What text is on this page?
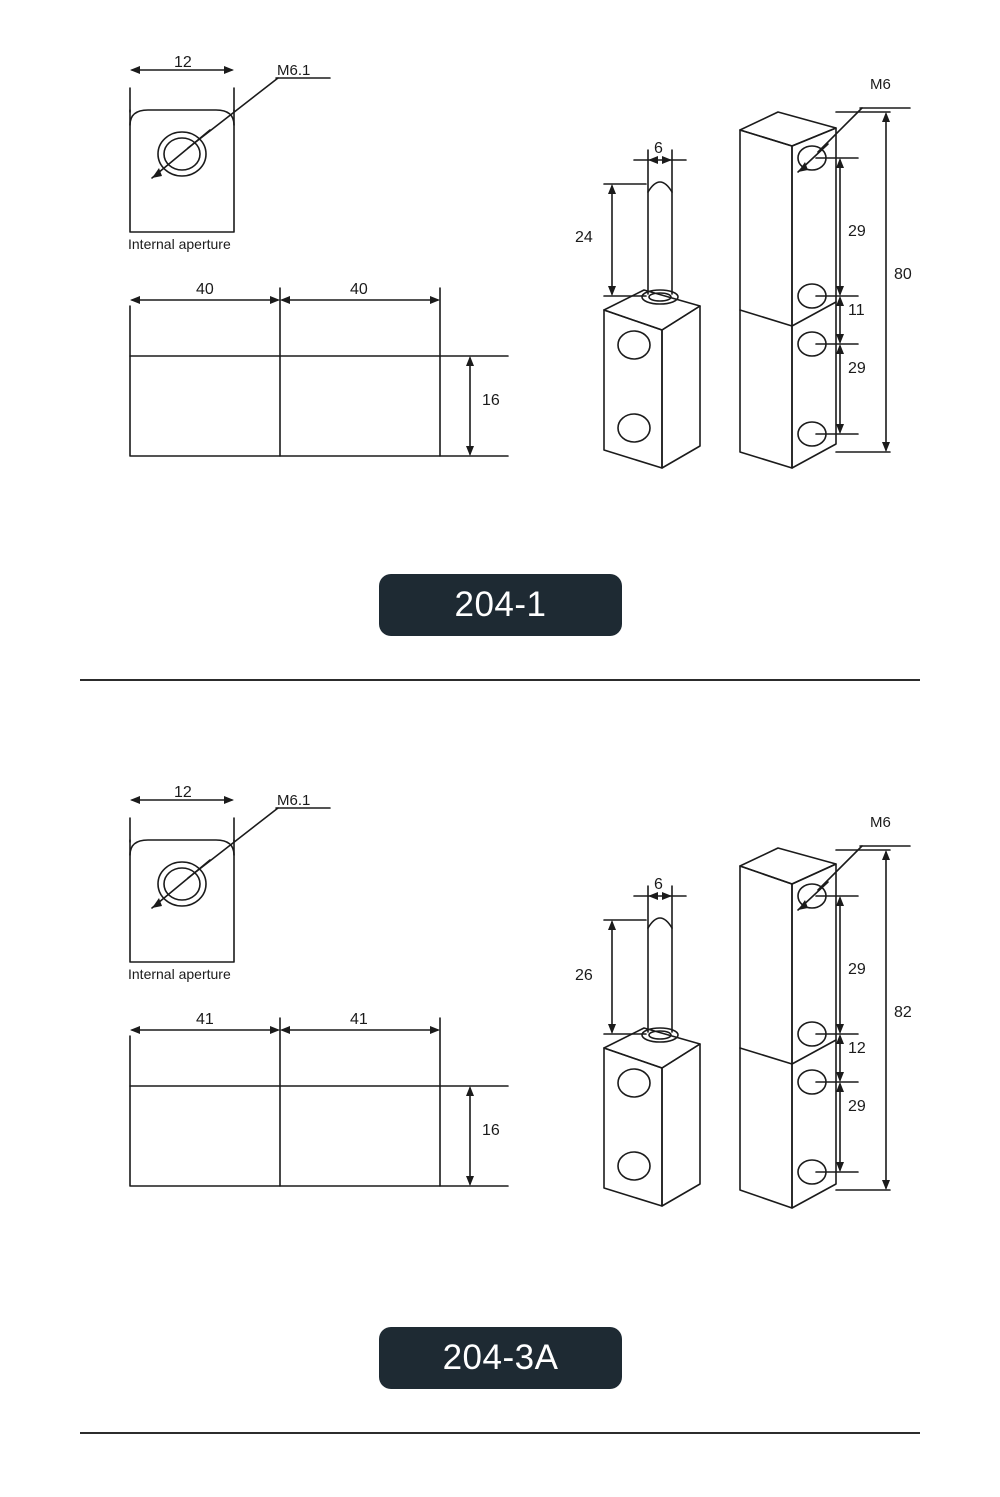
12	M6.1
Internal aperture
40	40
16
6
24
M6
29
11
29
80
204-1
12	M6.1
Internal aperture
41	41
16
6
26
M6
29
12
29
82
204-3A
